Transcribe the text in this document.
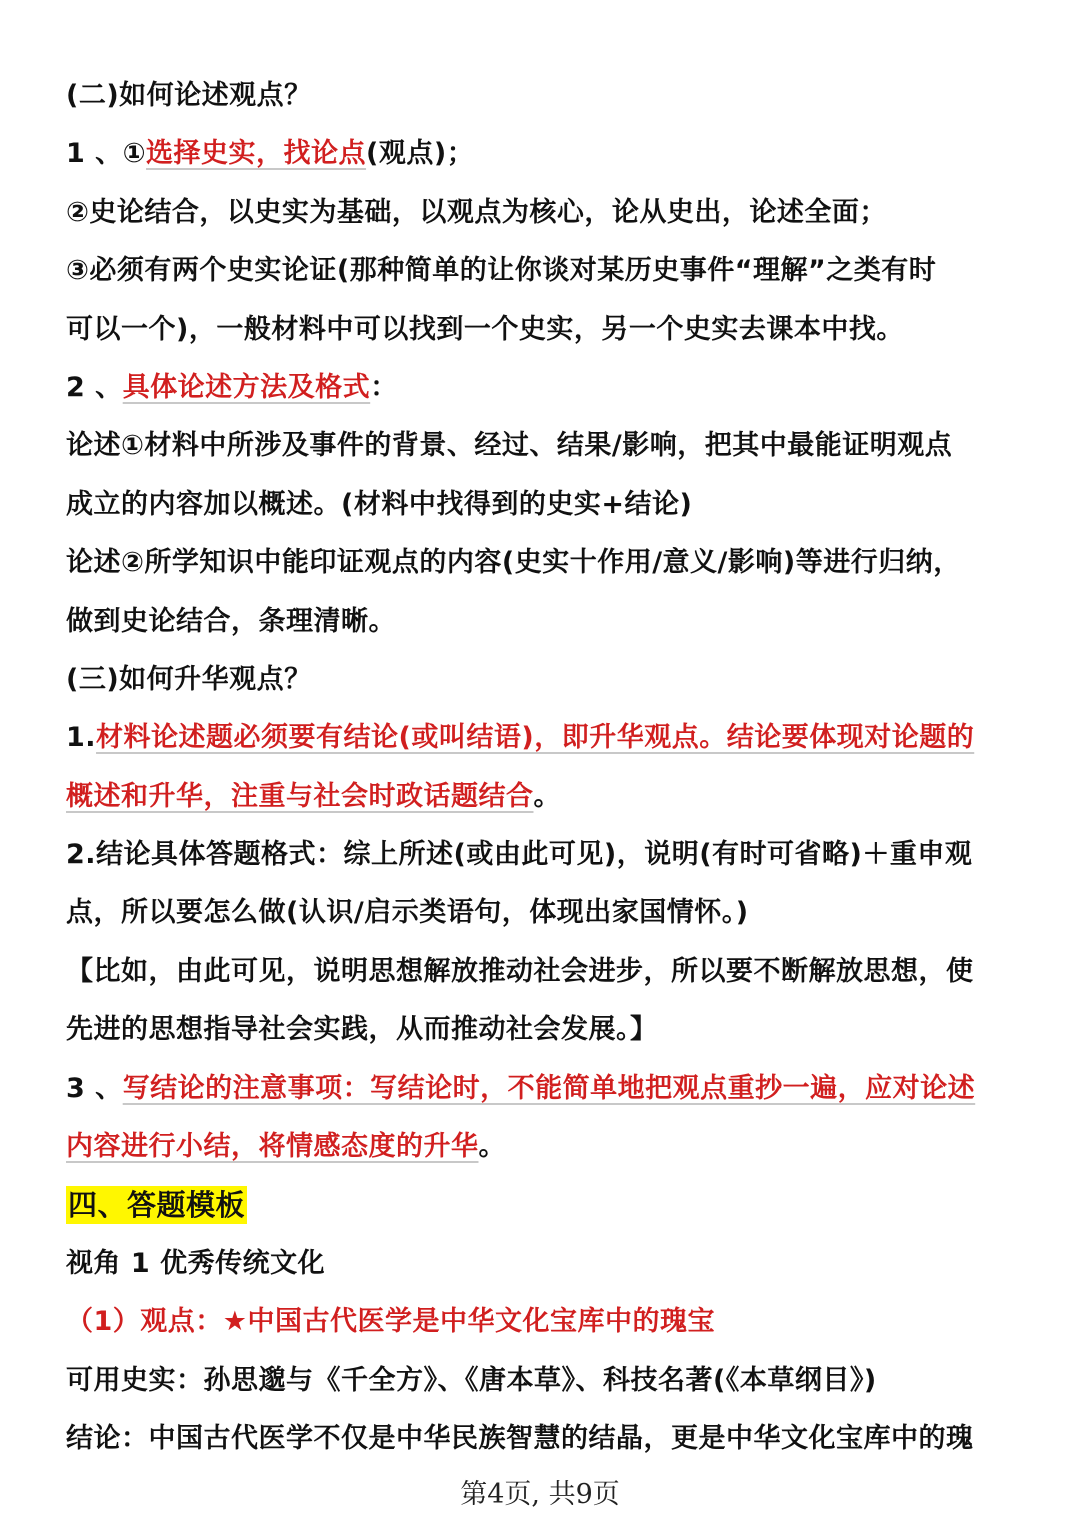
(二)如何论述观点？
1 、①选择史实，找论点(观点)；
②史论结合，以史实为基础，以观点为核心，论从史出，论述全面；
③必须有两个史实论证(那种简单的让你谈对某历史事件“理解”之类有时
可以一个)，一般材料中可以找到一个史实，另一个史实去课本中找。
2 、具体论述方法及格式：
论述①材料中所涉及事件的背景、经过、结果/影响，把其中最能证明观点
成立的内容加以概述。(材料中找得到的史实+结论)
论述②所学知识中能印证观点的内容(史实十作用/意义/影响)等进行归纳，
做到史论结合，条理清晰。
(三)如何升华观点？
1.材料论述题必须要有结论(或叫结语)，即升华观点。结论要体现对论题的
概述和升华，注重与社会时政话题结合。
2.结论具体答题格式：综上所述(或由此可见)，说明(有时可省略)＋重申观
点，所以要怎么做(认识/启示类语句，体现出家国情怀。)
【比如，由此可见，说明思想解放推动社会进步，所以要不断解放思想，使
先进的思想指导社会实践，从而推动社会发展。】
3 、写结论的注意事项：写结论时，不能简单地把观点重抄一遍，应对论述
内容进行小结，将情感态度的升华。
四、答题模板
视角 1 优秀传统文化
（1）观点：★中国古代医学是中华文化宝库中的瑰宝
可用史实：孙思邈与《千全方》、《唐本草》、科技名著(《本草纲目》)
结论：中国古代医学不仅是中华民族智慧的结晶，更是中华文化宝库中的瑰
第4页, 共9页
